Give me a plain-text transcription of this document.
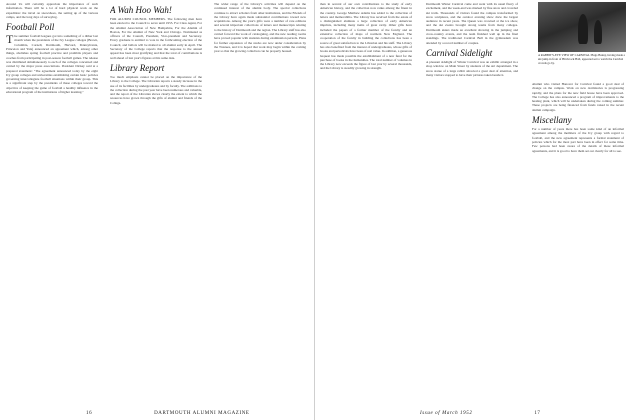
Around Us will certainly appreciate the importance of such information. There will be a lot of hard physical work on the expedition: the travel on snowshoes, the setting up of the various camps, and the long days of surveying.
Football Poll
The summer football leagues got into something of a dither last month when the presidents of the Ivy League colleges (Brown, Columbia, Cornell, Dartmouth, Harvard, Pennsylvania, Princeton and Yale) announced an agreement which, among other things, abolishes spring football practice and prohibits players and coaches from participating in post-season football games. The release was distributed simultaneously to each of the colleges concerned and carried by the major press associations. President Dickey said at a prepared statement: "The agreement announced today by the eight Ivy group colleges and universities establishing certain basic policies governing intercollegiate football situations within their group. This is a significant step by the presidents of these colleges toward the objective of keeping the game of football a healthy influence in the educational program of the institutions of higher learning."
A Wah Hoo Wah!
FOR ALUMNI COUNCIL MEMBERS. The following men have been elected to the Council to serve until 1955. For Class Agent, For the Alumni Association of New Hampshire, For the Alumni of Boston, For the Alumni of New York and Chicago. Nominated as officers of the Council, President, Vice-president and Secretary. Every graduate is entitled to vote in the forthcoming election of the Council, and ballots will be mailed to all alumni early in April. The Secretary of the College reports that the response to the annual appeal has been most gratifying and that the total of contributions is well ahead of last year's figures at this same date.
Library Report
Too much emphasis cannot be placed on the importance of the Library to the College. The Librarian reports a steady increase in the use of its facilities by undergraduates and by faculty. The additions to the collection during the past year have been numerous and valuable, and the report of the Librarian shows clearly the extent to which the resources have grown through the gifts of alumni and friends of the College.
The wider range of the Library's activities will depend on the continued interest of the alumni body. The special collections continue to attract scholars from other institutions, and the Friends of the Library have again made substantial contributions toward new acquisitions. Among the year's gifts were a number of rare editions and several important collections of letters and manuscripts relating to the history of Dartmouth and the region. The Library staff has also carried forward the work of cataloguing, and the new reading rooms have proved popular with students during examination periods. Plans for further expansion of the stacks are now under consideration by the Trustees, and it is hoped that work may begin within the coming year so that the growing collection can be properly housed.
16	DARTMOUTH ALUMNI MAGAZINE
then in several of our own contributions to the study of early American history, and the collection now ranks among the finest in the country. George Matthew Adams has added to the collection of letters and memorabilia. The Library has received from the estate of a distinguished alumnus a large collection of early American imprints, including many items of great rarity. Other gifts have included the papers of a former member of the faculty and an extensive collection of maps of northern New England. The cooperation of the faculty in building the collections has been a source of great satisfaction to the Librarian and his staff. The Library has also benefited from the interest of undergraduates, whose gifts of books and periodicals have been of real value. In addition, a generous bequest has made possible the establishment of a new fund for the purchase of books in the humanities. The total number of volumes in the Library now exceeds the figure of last year by several thousands, and the Library is steadily growing in strength.
Dartmouth Winter Carnival came and went with its usual flurry of excitement, and the week-end was marked by fine snow and crowded ski trails. Thousands of visitors found the campus transformed by snow sculptures, and the outdoor evening show drew the largest audience in recent years. The Queen was crowned at the ice show, and the ski events brought strong teams from many colleges. Dartmouth skiers made an excellent showing in the jumping and cross-country events, and the team finished well up in the final standings. The traditional Carnival Ball in the gymnasium was attended by a record number of couples.
Carnival Sidelight
A pleasant sidelight of Winter Carnival was an exhibit arranged in a shop window on Main Street by students of the Art department. The snow statue of a large rabbit attracted a great deal of attention, and many visitors stopped to have their pictures taken beside it.
A RABBIT'S-EYE VIEW OF CARNIVAL: Bugs Bunny, having made a ski jump in front of Hitchcock Hall, appeared set to watch the Carnival crowds go by.
Alumni who visited Hanover for Carnival found a good deal of change on the campus. Work on new dormitories is progressing rapidly, and the plans for the new field house have been approved. The College has also announced a program of improvements to the heating plant, which will be undertaken during the coming summer. These projects are being financed from funds raised in the recent alumni campaign.
Miscellany
For a number of years there has been some kind of an informal agreement among the members of the Ivy group with regard to football, and the new agreement represents a formal statement of policies which for the most part have been in effect for some time. Few persons had been aware of the details of these informal agreements, and it is good to have them set out clearly for all to see.
Issue of March 1952	17
